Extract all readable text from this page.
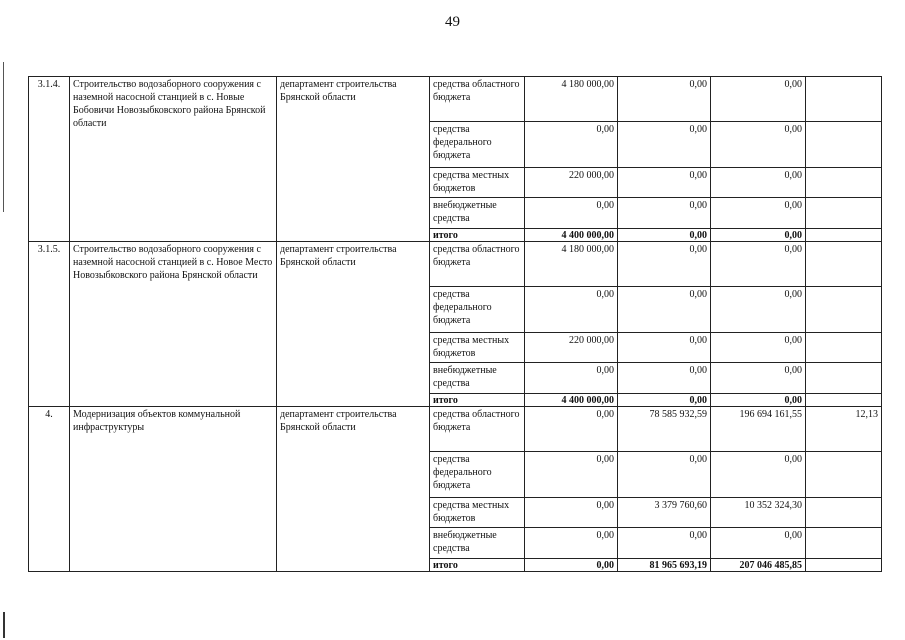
49
3.1.4.	Строительство водозаборного сооружения с наземной насосной станцией в с. Новые Бобовичи Новозыбковского района Брянской области	департамент строительства Брянской области	средства областного бюджета	4 180 000,00	0,00	0,00	
			средства федерального бюджета	0,00	0,00	0,00	
			средства местных бюджетов	220 000,00	0,00	0,00	
			внебюджетные средства	0,00	0,00	0,00	
			итого	4 400 000,00	0,00	0,00	
3.1.5.	Строительство водозаборного сооружения с наземной насосной станцией в с. Новое Место Новозыбковского района Брянской области	департамент строительства Брянской области	средства областного бюджета	4 180 000,00	0,00	0,00	
			средства федерального бюджета	0,00	0,00	0,00	
			средства местных бюджетов	220 000,00	0,00	0,00	
			внебюджетные средства	0,00	0,00	0,00	
			итого	4 400 000,00	0,00	0,00	
4.	Модернизация объектов коммунальной инфраструктуры	департамент строительства Брянской области	средства областного бюджета	0,00	78 585 932,59	196 694 161,55	12,13
			средства федерального бюджета	0,00	0,00	0,00	
			средства местных бюджетов	0,00	3 379 760,60	10 352 324,30	
			внебюджетные средства	0,00	0,00	0,00	
			итого	0,00	81 965 693,19	207 046 485,85	
